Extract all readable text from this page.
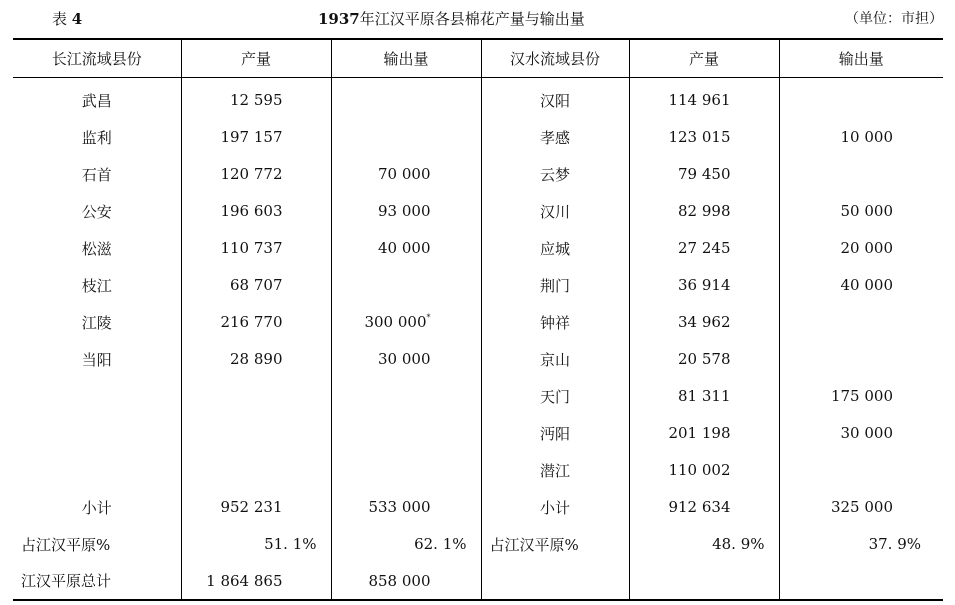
表 4	1937年江汉平原各县棉花产量与输出量	（单位：市担）
长江流域县份	产量	输出量	汉水流域县份	产量	输出量
武昌	12 595		汉阳	114 961	
监利	197 157		孝感	123 015	10 000
石首	120 772	70 000	云梦	79 450	
公安	196 603	93 000	汉川	82 998	50 000
松滋	110 737	40 000	应城	27 245	20 000
枝江	68 707		荆门	36 914	40 000
江陵	216 770	300 000*	钟祥	34 962	
当阳	28 890	30 000	京山	20 578	
			天门	81 311	175 000
			沔阳	201 198	30 000
			潜江	110 002	
小计	952 231	533 000	小计	912 634	325 000
占江汉平原%	51. 1%	62. 1%	占江汉平原%	48. 9%	37. 9%
江汉平原总计	1 864 865	858 000			
